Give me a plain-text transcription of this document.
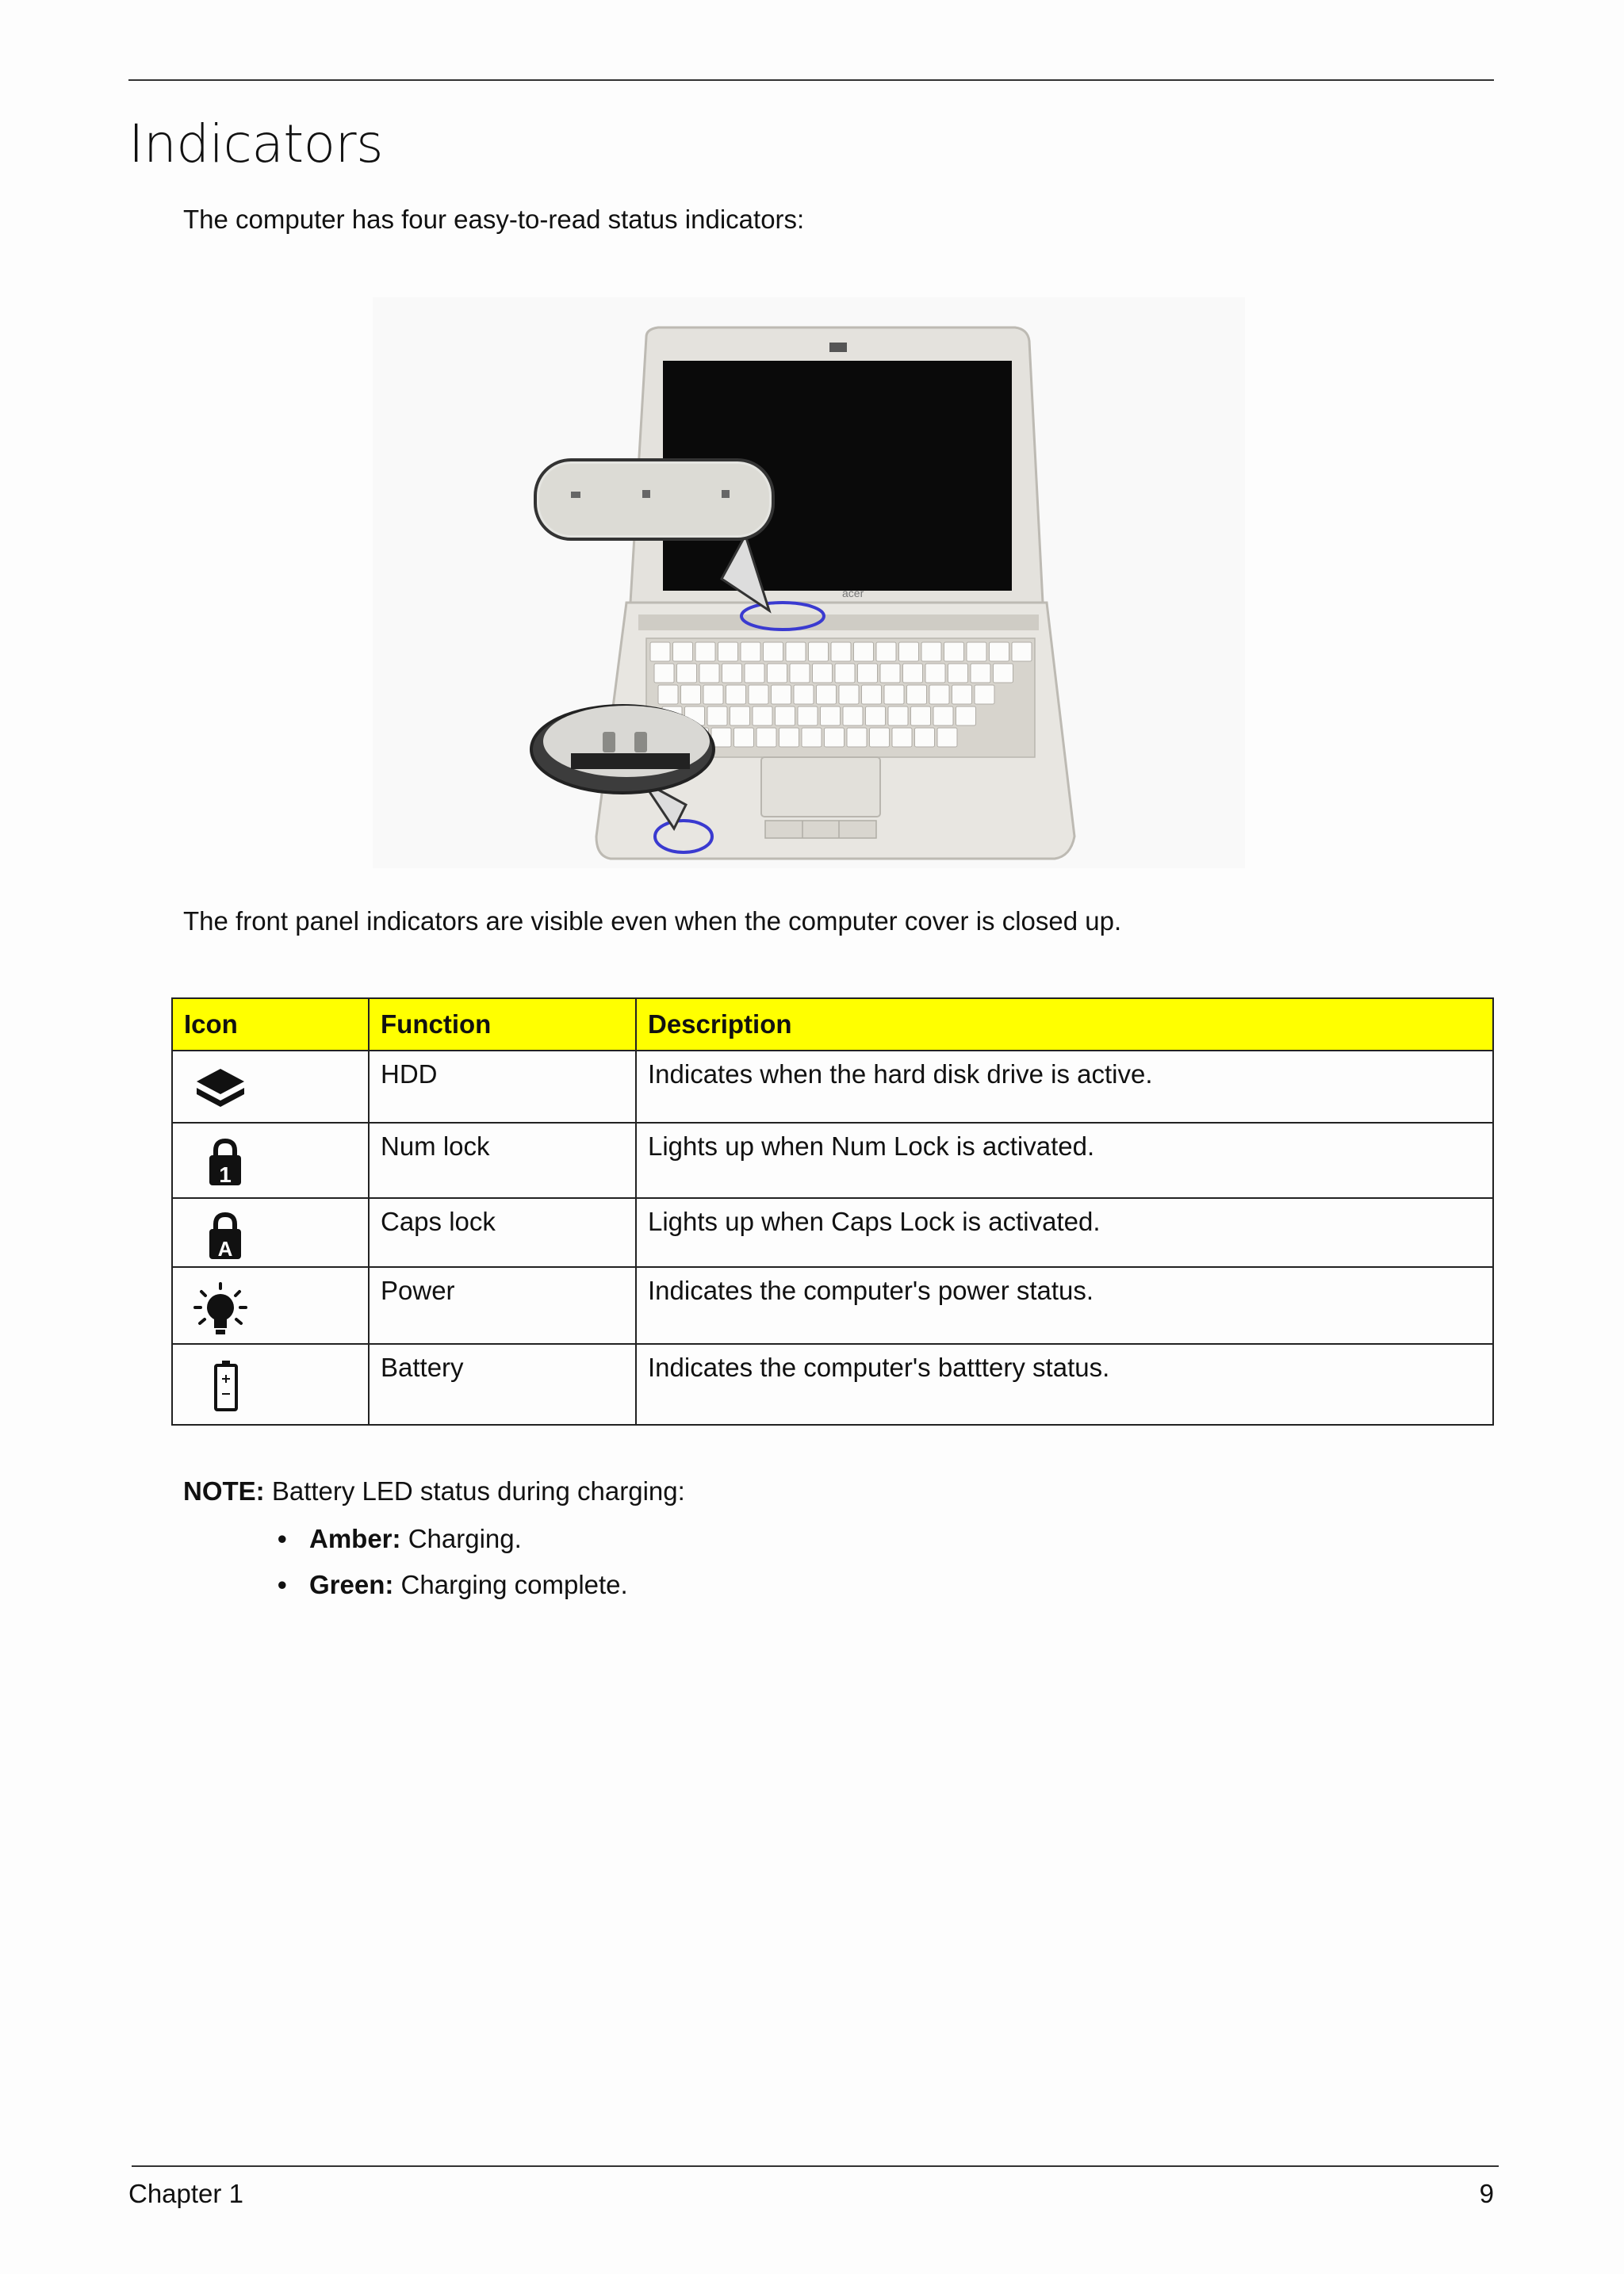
Indicators
The computer has four easy-to-read status indicators:
acer
The front panel indicators are visible even when the computer cover is closed up.
Icon	Function	Description

	HDD	Indicates when the hard disk drive is active.

1	Num lock	Lights up when Num Lock is activated.

A	Caps lock	Lights up when Caps Lock is activated.

	Power	Indicates the computer's power status.

	Battery	Indicates the computer's batttery status.
NOTE: Battery LED status during charging:
• Amber: Charging.
• Green: Charging complete.
Chapter 1	9
